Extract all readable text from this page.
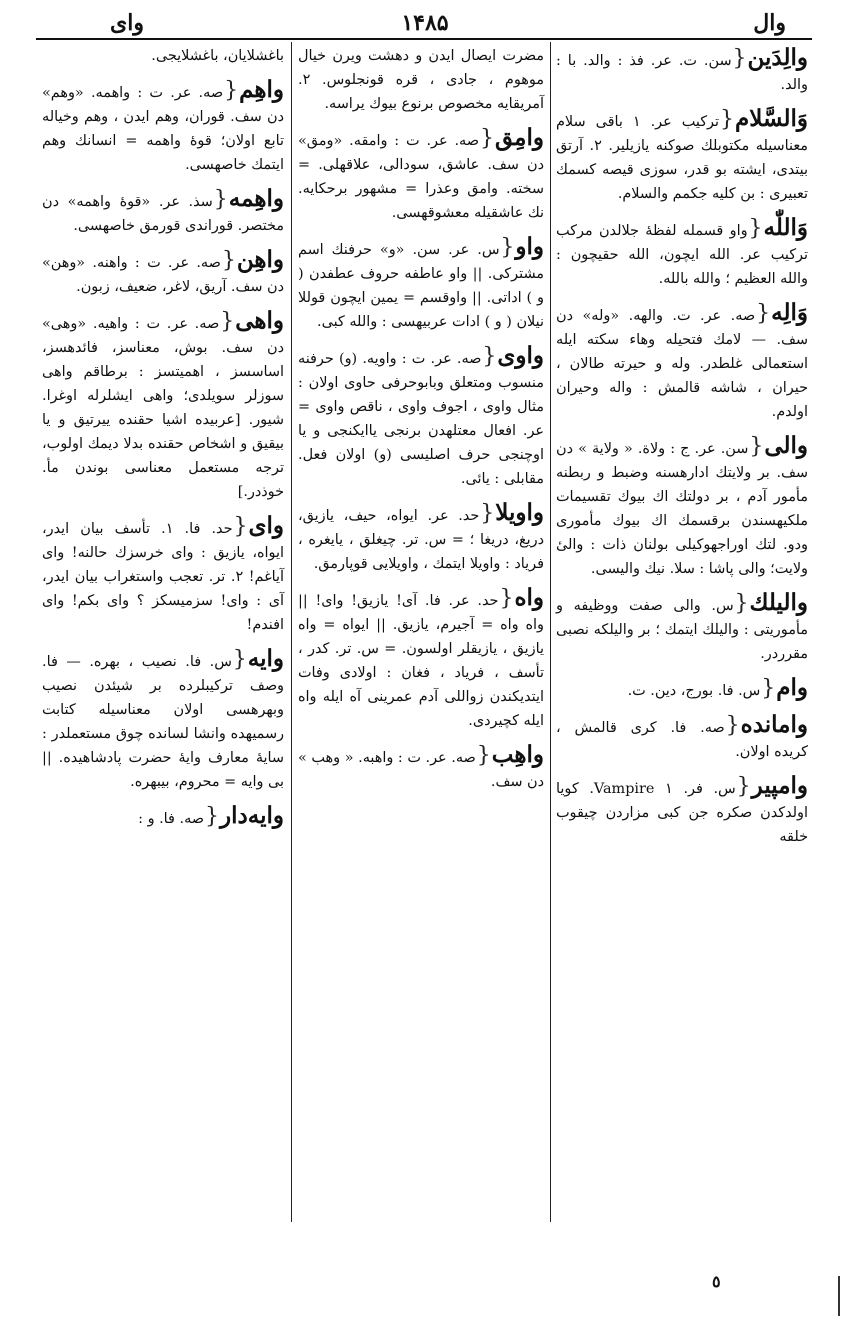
وال
۱۴۸۵
وای
والِدَین{سن. ت. عر. فذ : والد. با : والد.
وَالسَّلام{ترکیب عر. ۱ باقی سلام معناسیله مکتوبلك صوکنه یازیلیر. ۲. آرتق بیتدی، ایشته بو قدر، سوزی قیصه کسمك تعبیری : بن کلیه جکمم والسلام.
وَاللّٰه{واو قسمله لفظهٔ جلالدن مرکب ترکیب عر. الله ایچون، الله حقیچون : والله العظیم ؛ والله بالله.
وَالِه{صه. عر. ت. والهه. «وله» دن سف. — لامك فتحیله وهاء سکته ایله استعمالی غلطدر. وله و حیرته طالان ، حیران ، شاشه قالمش : واله وحیران اولدم.
والی{سن. عر. ج : ولاة. « ولایة » دن سف. بر ولایتك ادارهسنه وضبط و ربطنه مأمور آدم ، بر دولتك اك بیوك تقسیمات ملکیهسندن برقسمك اك بیوك مأموری ودو. لتك اوراجهوکیلی بولنان ذات : والیٔ ولایت؛ والی پاشا : سلا. نیك والیسی.
والیلك{س. والی صفت ووظیفه و مأموریتی : والیلك ایتمك ؛ بر والیلکه نصبی مقرردر.
وام{س. فا. بورج، دین. ت.
وامانده{صه. فا. کری قالمش ، کریده اولان.
وامپیر{س. فر. Vampire ۱. کویا اولدکدن صکره جن کبی مزاردن چیقوب خلقه
مضرت ایصال ایدن و دهشت ویرن خیال موهوم ، جادی ، قره قونجلوس. ۲. آمریقایه مخصوص برنوع بیوك یراسه.
وامِق{صه. عر. ت : وامقه. «ومق» دن سف. عاشق، سودالی، علاقهلی. = سخته. وامق وعذرا = مشهور برحکایه. نك عاشقیله معشوقهسی.
واو{س. عر. سن. «و» حرفنك اسم مشترکی. || واو عاطفه حروف عطفدن ( و ) اداتی. || واوقسم = یمین ایچون قوللا نیلان ( و ) ادات عربیهسی : والله کبی.
واوی{صه. عر. ت : واویه. (و) حرفنه منسوب ومتعلق وبابوحرفی حاوی اولان : مثال واوی ، اجوف واوی ، ناقص واوی = عر. افعال معتلهدن برنجی یاایکنجی و یا اوچنجی حرف اصلیسی (و) اولان فعل. مقابلی : یائی.
واویلا{حد. عر. ایواه، حیف، یازیق، دریغ، دریغا ؛ = س. تر. چیغلق ، یایغره ، فریاد : واویلا ایتمك ، واویلایی قوپارمق.
واه{حد. عر. فا. آی! یازیق! وای! || واه واه = آجیرم، یازیق. || ایواه = واه یازیق ، یازیقلر اولسون. = س. تر. کدر ، تأسف ، فریاد ، فغان : اولادی وفات ایتدیکندن زواللی آدم عمرینی آه ایله واه ایله کچیردی.
واهِب{صه. عر. ت : واهبه. « وهب » دن سف.
باغشلایان، باغشلایجی.
واهِم{صه. عر. ت : واهمه. «وهم» دن سف. قوران، وهم ایدن ، وهم وخیاله تابع اولان؛ قوهٔ واهمه = انسانك وهم ایتمك خاصهسی.
واهِمه{سذ. عر. «قوهٔ واهمه» دن مختصر. قوراندی قورمق خاصهسی.
واهِن{صه. عر. ت : واهنه. «وهن» دن سف. آریق، لاغر، ضعیف، زبون.
واهی{صه. عر. ت : واهیه. «وهی» دن سف. بوش، معناسز، فائدهسز، اساسسز ، اهمیتسز : برطاقم واهی سوزلر سویلدی؛ واهی ایشلرله اوغرا. شیور. [عربیده اشیا حقنده ییرتیق و یا بیقیق و اشخاص حقنده بدلا دیمك اولوب، ترجه مستعمل معناسی بوندن مأ. خوذدر.]
وای{حد. فا. ۱. تأسف بیان ایدر، ایواه، یازیق : وای خرسزك حالنه! وای آیاغم! ۲. تر. تعجب واستغراب بیان ایدر، آی : وای! سزمیسکز ؟ وای بکم! وای افندم!
وایه{س. فا. نصیب ، بهره. — فا. وصف ترکیبلرده بر شیئدن نصیب وبهرهسی اولان معناسیله کتابت رسمیهده وانشا لسانده چوق مستعملدر : سایهٔ معارف وایهٔ حضرت پادشاهیده. || بی وایه = محروم، بیبهره.
وایه‌دار{صه. فا. و :
٥
